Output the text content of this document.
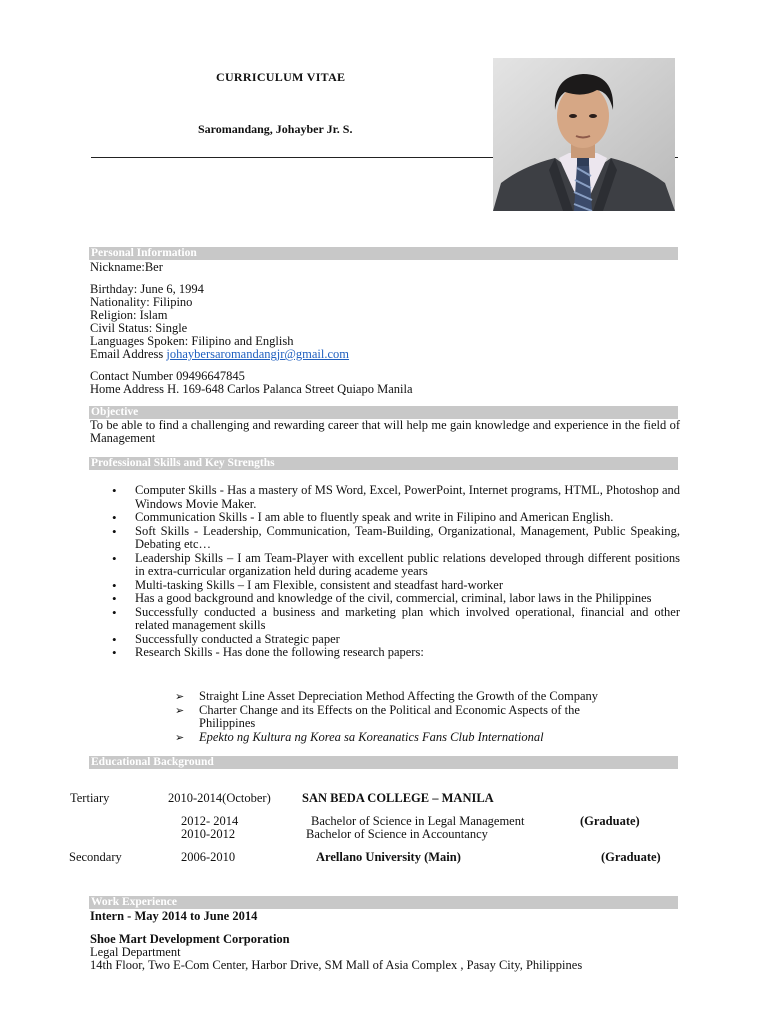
CURRICULUM VITAE
Saromandang, Johayber Jr. S.
Personal Information
Nickname:Ber
Birthday: June 6, 1994
Nationality: Filipino
Religion: Islam
Civil Status: Single
Languages Spoken: Filipino and English
Email Address johaybersaromandangjr@gmail.com
Contact Number 09496647845
Home Address H. 169-648 Carlos Palanca Street Quiapo Manila
Objective
To be able to find a challenging and rewarding career that will help me gain knowledge and experience in the field of Management
Professional Skills and Key Strengths
• Computer Skills - Has a mastery of MS Word, Excel, PowerPoint, Internet programs, HTML, Photoshop and Windows Movie Maker.
• Communication Skills - I am able to fluently speak and write in Filipino and American English.
• Soft Skills - Leadership, Communication, Team-Building, Organizational, Management, Public Speaking, Debating etc…
• Leadership Skills – I am Team-Player with excellent public relations developed through different positions in extra-curricular organization held during academe years
• Multi-tasking Skills – I am Flexible, consistent and steadfast hard-worker
• Has a good background and knowledge of the civil, commercial, criminal, labor laws in the Philippines
• Successfully conducted a business and marketing plan which involved operational, financial and other related management skills
• Successfully conducted a Strategic paper
• Research Skills - Has done the following research papers:
➢ Straight Line Asset Depreciation Method Affecting the Growth of the Company
➢ Charter Change and its Effects on the Political and Economic Aspects of the Philippines
➢ Epekto ng Kultura ng Korea sa Koreanatics Fans Club International
Educational Background
Tertiary	2010-2014(October)	SAN BEDA COLLEGE – MANILA
2012- 2014	Bachelor of Science in Legal Management	(Graduate)
2010-2012	Bachelor of Science in Accountancy
Secondary	2006-2010	Arellano University (Main)	(Graduate)
Work Experience
Intern - May 2014 to June 2014
Shoe Mart Development Corporation
Legal Department
14th Floor, Two E-Com Center, Harbor Drive, SM Mall of Asia Complex , Pasay City, Philippines
